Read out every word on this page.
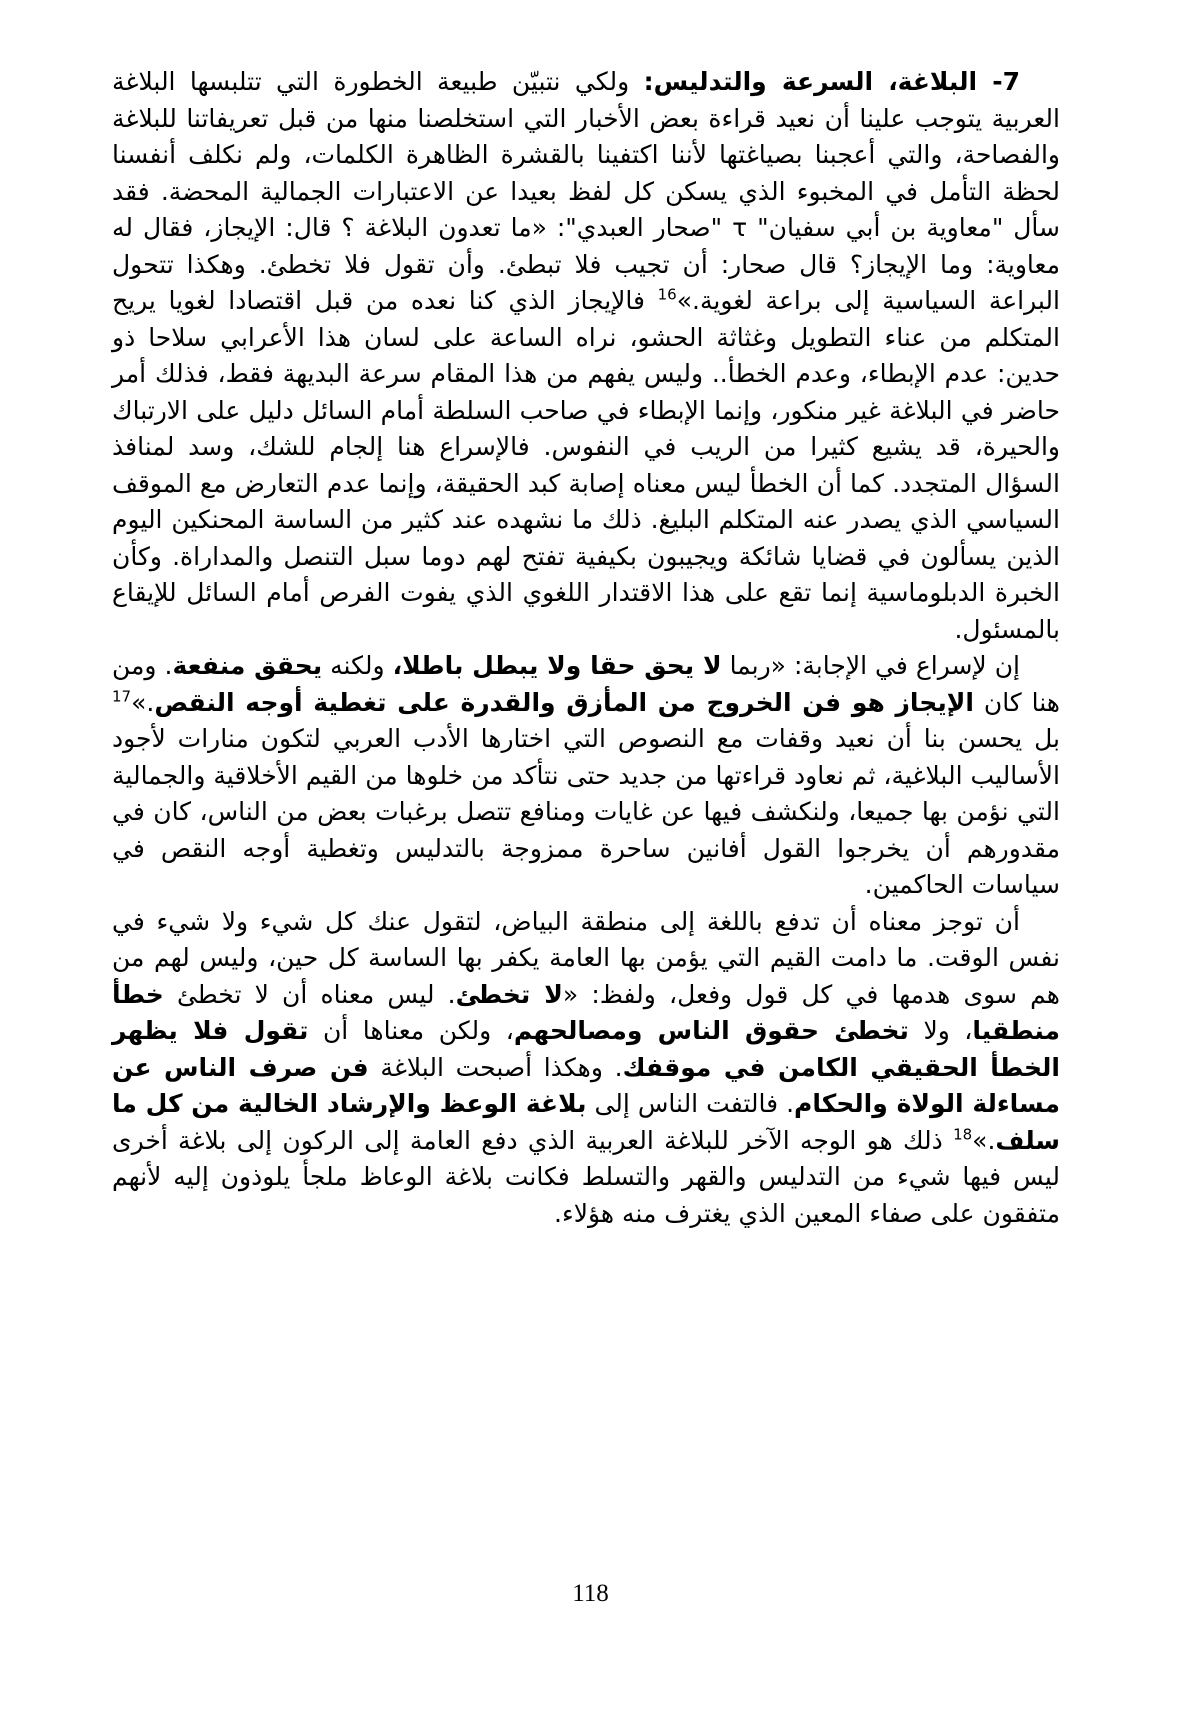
7- البلاغة، السرعة والتدليس: ولكي نتبيّن طبيعة الخطورة التي تتلبسها البلاغة العربية يتوجب علينا أن نعيد قراءة بعض الأخبار التي استخلصنا منها من قبل تعريفاتنا للبلاغة والفصاحة، والتي أعجبنا بصياغتها لأننا اكتفينا بالقشرة الظاهرة الكلمات، ولم نكلف أنفسنا لحظة التأمل في المخبوء الذي يسكن كل لفظ بعيدا عن الاعتبارات الجمالية المحضة. فقد سأل "معاوية بن أبي سفيان" τ "صحار العبدي": «ما تعدون البلاغة ؟ قال: الإيجاز، فقال له معاوية: وما الإيجاز؟ قال صحار: أن تجيب فلا تبطئ. وأن تقول فلا تخطئ. وهكذا تتحول البراعة السياسية إلى براعة لغوية.»$^{16}$ فالإيجاز الذي كنا نعده من قبل اقتصادا لغويا يريح المتكلم من عناء التطويل وغثاثة الحشو، نراه الساعة على لسان هذا الأعرابي سلاحا ذو حدين: عدم الإبطاء، وعدم الخطأ.. وليس يفهم من هذا المقام سرعة البديهة فقط، فذلك أمر حاضر في البلاغة غير منكور، وإنما الإبطاء في صاحب السلطة أمام السائل دليل على الارتباك والحيرة، قد يشيع كثيرا من الريب في النفوس. فالإسراع هنا إلجام للشك، وسد لمنافذ السؤال المتجدد. كما أن الخطأ ليس معناه إصابة كبد الحقيقة، وإنما عدم التعارض مع الموقف السياسي الذي يصدر عنه المتكلم البليغ. ذلك ما نشهده عند كثير من الساسة المحنكين اليوم الذين يسألون في قضايا شائكة ويجيبون بكيفية تفتح لهم دوما سبل التنصل والمداراة. وكأن الخبرة الدبلوماسية إنما تقع على هذا الاقتدار اللغوي الذي يفوت الفرص أمام السائل للإيقاع بالمسئول.

إن لإسراع في الإجابة: «ربما لا يحق حقا ولا يبطل باطلا، ولكنه يحقق منفعة. ومن هنا كان الإيجاز هو فن الخروج من المأزق والقدرة على تغطية أوجه النقص.»$^{17}$ بل يحسن بنا أن نعيد وقفات مع النصوص التي اختارها الأدب العربي لتكون منارات لأجود الأساليب البلاغية، ثم نعاود قراءتها من جديد حتى نتأكد من خلوها من القيم الأخلاقية والجمالية التي نؤمن بها جميعا، ولنكشف فيها عن غايات ومنافع تتصل برغبات بعض من الناس، كان في مقدورهم أن يخرجوا القول أفانين ساحرة ممزوجة بالتدليس وتغطية أوجه النقص في سياسات الحاكمين.

أن توجز معناه أن تدفع باللغة إلى منطقة البياض، لتقول عنك كل شيء ولا شيء في نفس الوقت. ما دامت القيم التي يؤمن بها العامة يكفر بها الساسة كل حين، وليس لهم من هم سوى هدمها في كل قول وفعل، ولفظ: «لا تخطئ. ليس معناه أن لا تخطئ خطأ منطقيا، ولا تخطئ حقوق الناس ومصالحهم، ولكن معناها أن تقول فلا يظهر الخطأ الحقيقي الكامن في موقفك. وهكذا أصبحت البلاغة فن صرف الناس عن مساءلة الولاة والحكام. فالتفت الناس إلى بلاغة الوعظ والإرشاد الخالية من كل ما سلف.»$^{18}$ ذلك هو الوجه الآخر للبلاغة العربية الذي دفع العامة إلى الركون إلى بلاغة أخرى ليس فيها شيء من التدليس والقهر والتسلط فكانت بلاغة الوعاظ ملجأ يلوذون إليه لأنهم متفقون على صفاء المعين الذي يغترف منه هؤلاء.

118
